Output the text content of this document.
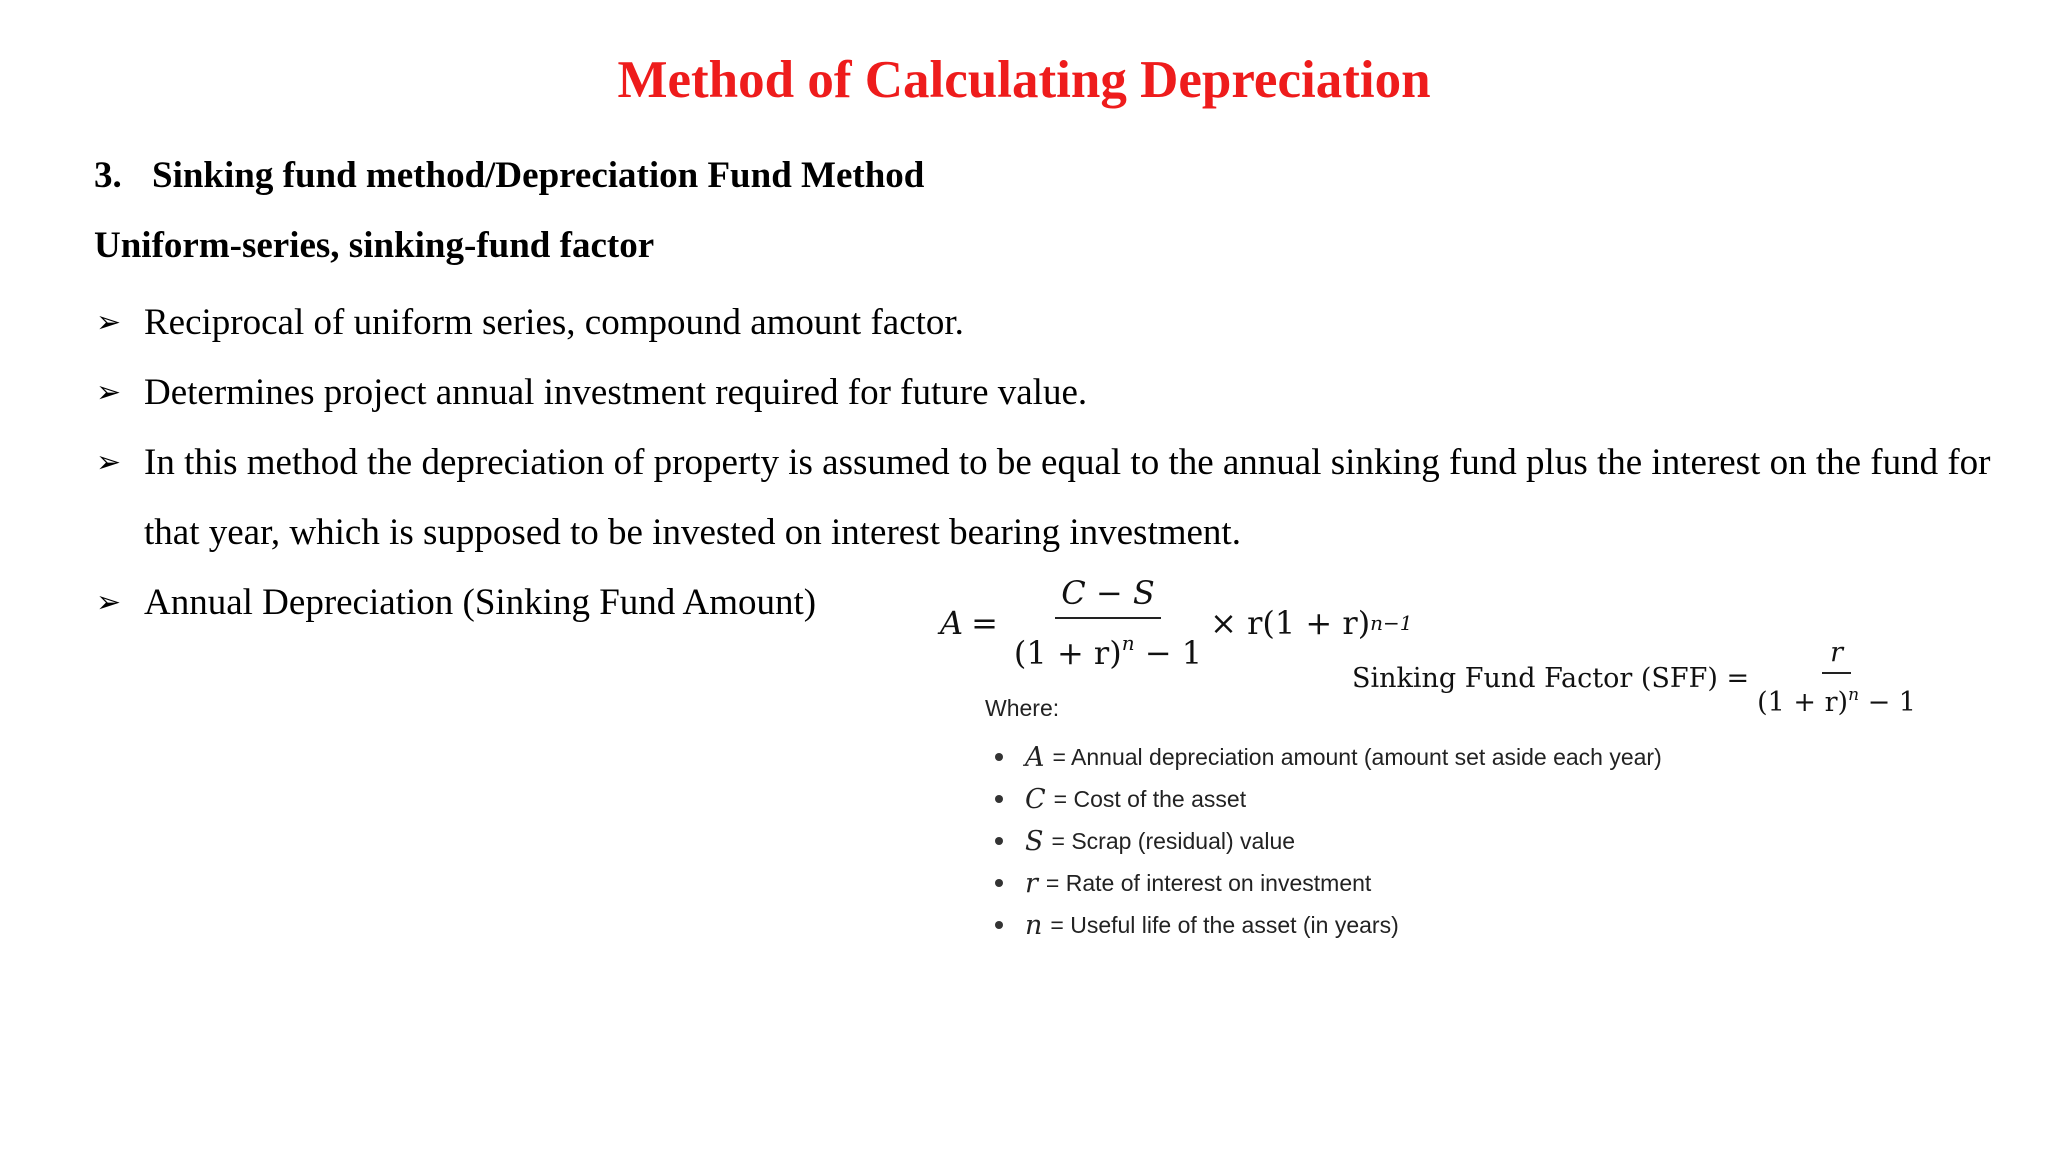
Method of Calculating Depreciation
3. Sinking fund method/Depreciation Fund Method
Uniform-series, sinking-fund factor
➢ Reciprocal of uniform series, compound amount factor.
➢ Determines project annual investment required for future value.
➢ In this method the depreciation of property is assumed to be equal to the annual sinking fund plus the interest on the fund for that year, which is supposed to be invested on interest bearing investment.
➢ Annual Depreciation (Sinking Fund Amount)	$A = \frac{C - S}{(1 + r)^n - 1} \times r(1 + r)$ n−1
Sinking Fund Factor $(SFF) = \frac{r}{(1 + r)^n - 1}$
Where:
A = Annual depreciation amount (amount set aside each year)
C = Cost of the asset
S = Scrap (residual) value
r = Rate of interest on investment
n = Useful life of the asset (in years)
